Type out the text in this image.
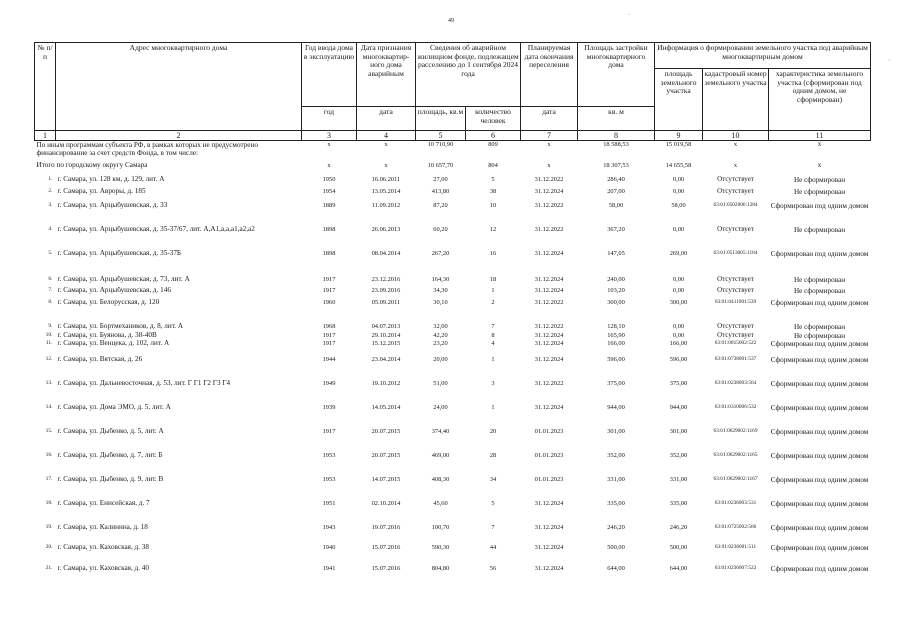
49
·
·
№ п/п	Адрес многоквартирного дома	Год ввода дома в эксплуатацию	Дата признания многоквартир-ного дома аварийным	Сведения об аварийном жилищном фонде, подлежащем расселению до 1 сентября 2024 года		Планируемая дата окончания переселения	Площадь застройки многоквартирного дома	Информация о формировании земельного участка под аварийным многоквартирным домом			
								площадь земельного участка	кадастровый номер земельного участка	характеристика земельного участка (сформирован под одним домом, не сформирован)	
		год	дата	площадь, кв.м	количество человек	дата	кв. м	
1	2	3	4	5	6	7	8	9	10	11	
По иным программам субъекта РФ, в рамках которых не предусмотрено финансирование за счет средств Фонда, в том числе:		x	x	10 710,90	809	x	18 588,53	15 019,58	x	x	
Итого по городскому округу Самара		x	x	10 657,70	804	x	18 307,53	14 655,58	x	x	
1.	г. Самара, ул. 128 км, д. 129, лит. А	1950	16.06.2011	27,00	5	31.12.2022	286,40	0,00	Отсутствует	Не сформирован	
2.	г. Самара, ул. Авроры, д. 185	1954	13.05.2014	413,80	38	31.12.2024	207,00	0,00	Отсутствует	Не сформирован	
3.	г. Самара, ул. Арцыбушевская, д. 33	1889	11.09.2012	87,20	10	31.12.2022	58,00	58,00	63:01:0502006:1284	Сформирован под одним домом	
4.	г. Самара, ул. Арцыбушевская, д. 35-37/67, лит. А,А1,а,а,а1,а2,а2	1898	26.06.2013	60,20	12	31.12.2022	367,20	0,00	Отсутствует	Не сформирован	
5.	г. Самара, ул. Арцыбушевская, д. 35-37Б	1898	08.04.2014	267,20	16	31.12.2024	147,05	269,00	63:01:0513005:1184	Сформирован под одним домом	
6.	г. Самара, ул. Арцыбушевская, д. 73, лит. А	1917	23.12.2016	164,30	18	31.12.2024	240,00	0,00	Отсутствует	Не сформирован	
7.	г. Самара, ул. Арцыбушевская, д. 146	1917	23.09.2016	34,30	1	31.12.2024	103,20	0,00	Отсутствует	Не сформирован	
8.	г. Самара, ул. Белорусская, д. 120	1960	05.09.2011	30,10	2	31.12.2022	300,00	300,00	63:01:0411001:539	Сформирован под одним домом	
9.	г. Самара, ул. Бортмехаников, д. 8, лит. А	1968	04.07.2013	32,00	7	31.12.2022	128,10	0,00	Отсутствует	Не сформирован	
10.	г. Самара, ул. Буянова, д. 38-40В	1917	29.10.2014	42,20	8	31.12.2024	165,90	0,00	Отсутствует	Не сформирован	
11.	г. Самара, ул. Венцека, д. 102, лит. А	1917	15.12.2015	23,20	4	31.12.2024	166,00	166,00	63:01:0815002:522	Сформирован под одним домом	
12.	г. Самара, ул. Вятская, д. 26	1944	23.04.2014	20,00	1	31.12.2024	596,00	596,00	63:01:0738001:537	Сформирован под одним домом	
13.	г. Самара, ул. Дальневосточная, д. 53, лит. Г Г1 Г2 Г3 Г4	1949	19.10.2012	51,00	3	31.12.2022	375,00	375,00	63:01:0238003:564	Сформирован под одним домом	
14.	г. Самара, ул. Дома ЭМО, д. 5, лит. А	1939	14.05.2014	24,00	1	31.12.2024	944,00	944,00	63:01:0310006:532	Сформирован под одним домом	
15.	г. Самара, ул. Дыбенко, д. 5, лит. А	1917	20.07.2015	374,40	20	01.01.2023	301,00	301,00	63:01:0629002:1169	Сформирован под одним домом	
16.	г. Самара, ул. Дыбенко, д. 7, лит. Б	1953	20.07.2015	469,00	28	01.01.2023	352,00	352,00	63:01:0629002:1165	Сформирован под одним домом	
17.	г. Самара, ул. Дыбенко, д. 9, лит. В	1953	14.07.2015	408,30	34	01.01.2023	331,00	331,00	63:01:0629002:1167	Сформирован под одним домом	
18.	г. Самара, ул. Енисейская, д. 7	1951	02.10.2014	45,60	5	31.12.2024	335,00	335,00	63:01:0236003:531	Сформирован под одним домом	
19.	г. Самара, ул. Калинина, д. 18	1943	19.07.2016	100,70	7	31.12.2024	246,20	246,20	63:01:0725002:566	Сформирован под одним домом	
20.	г. Самара, ул. Каховская, д. 38	1940	15.07.2016	590,30	44	31.12.2024	500,00	500,00	63:01:0236001:511	Сформирован под одним домом	
21.	г. Самара, ул. Каховская, д. 40	1941	15.07.2016	804,80	56	31.12.2024	644,00	644,00	63:01:0236007:522	Сформирован под одним домом	
